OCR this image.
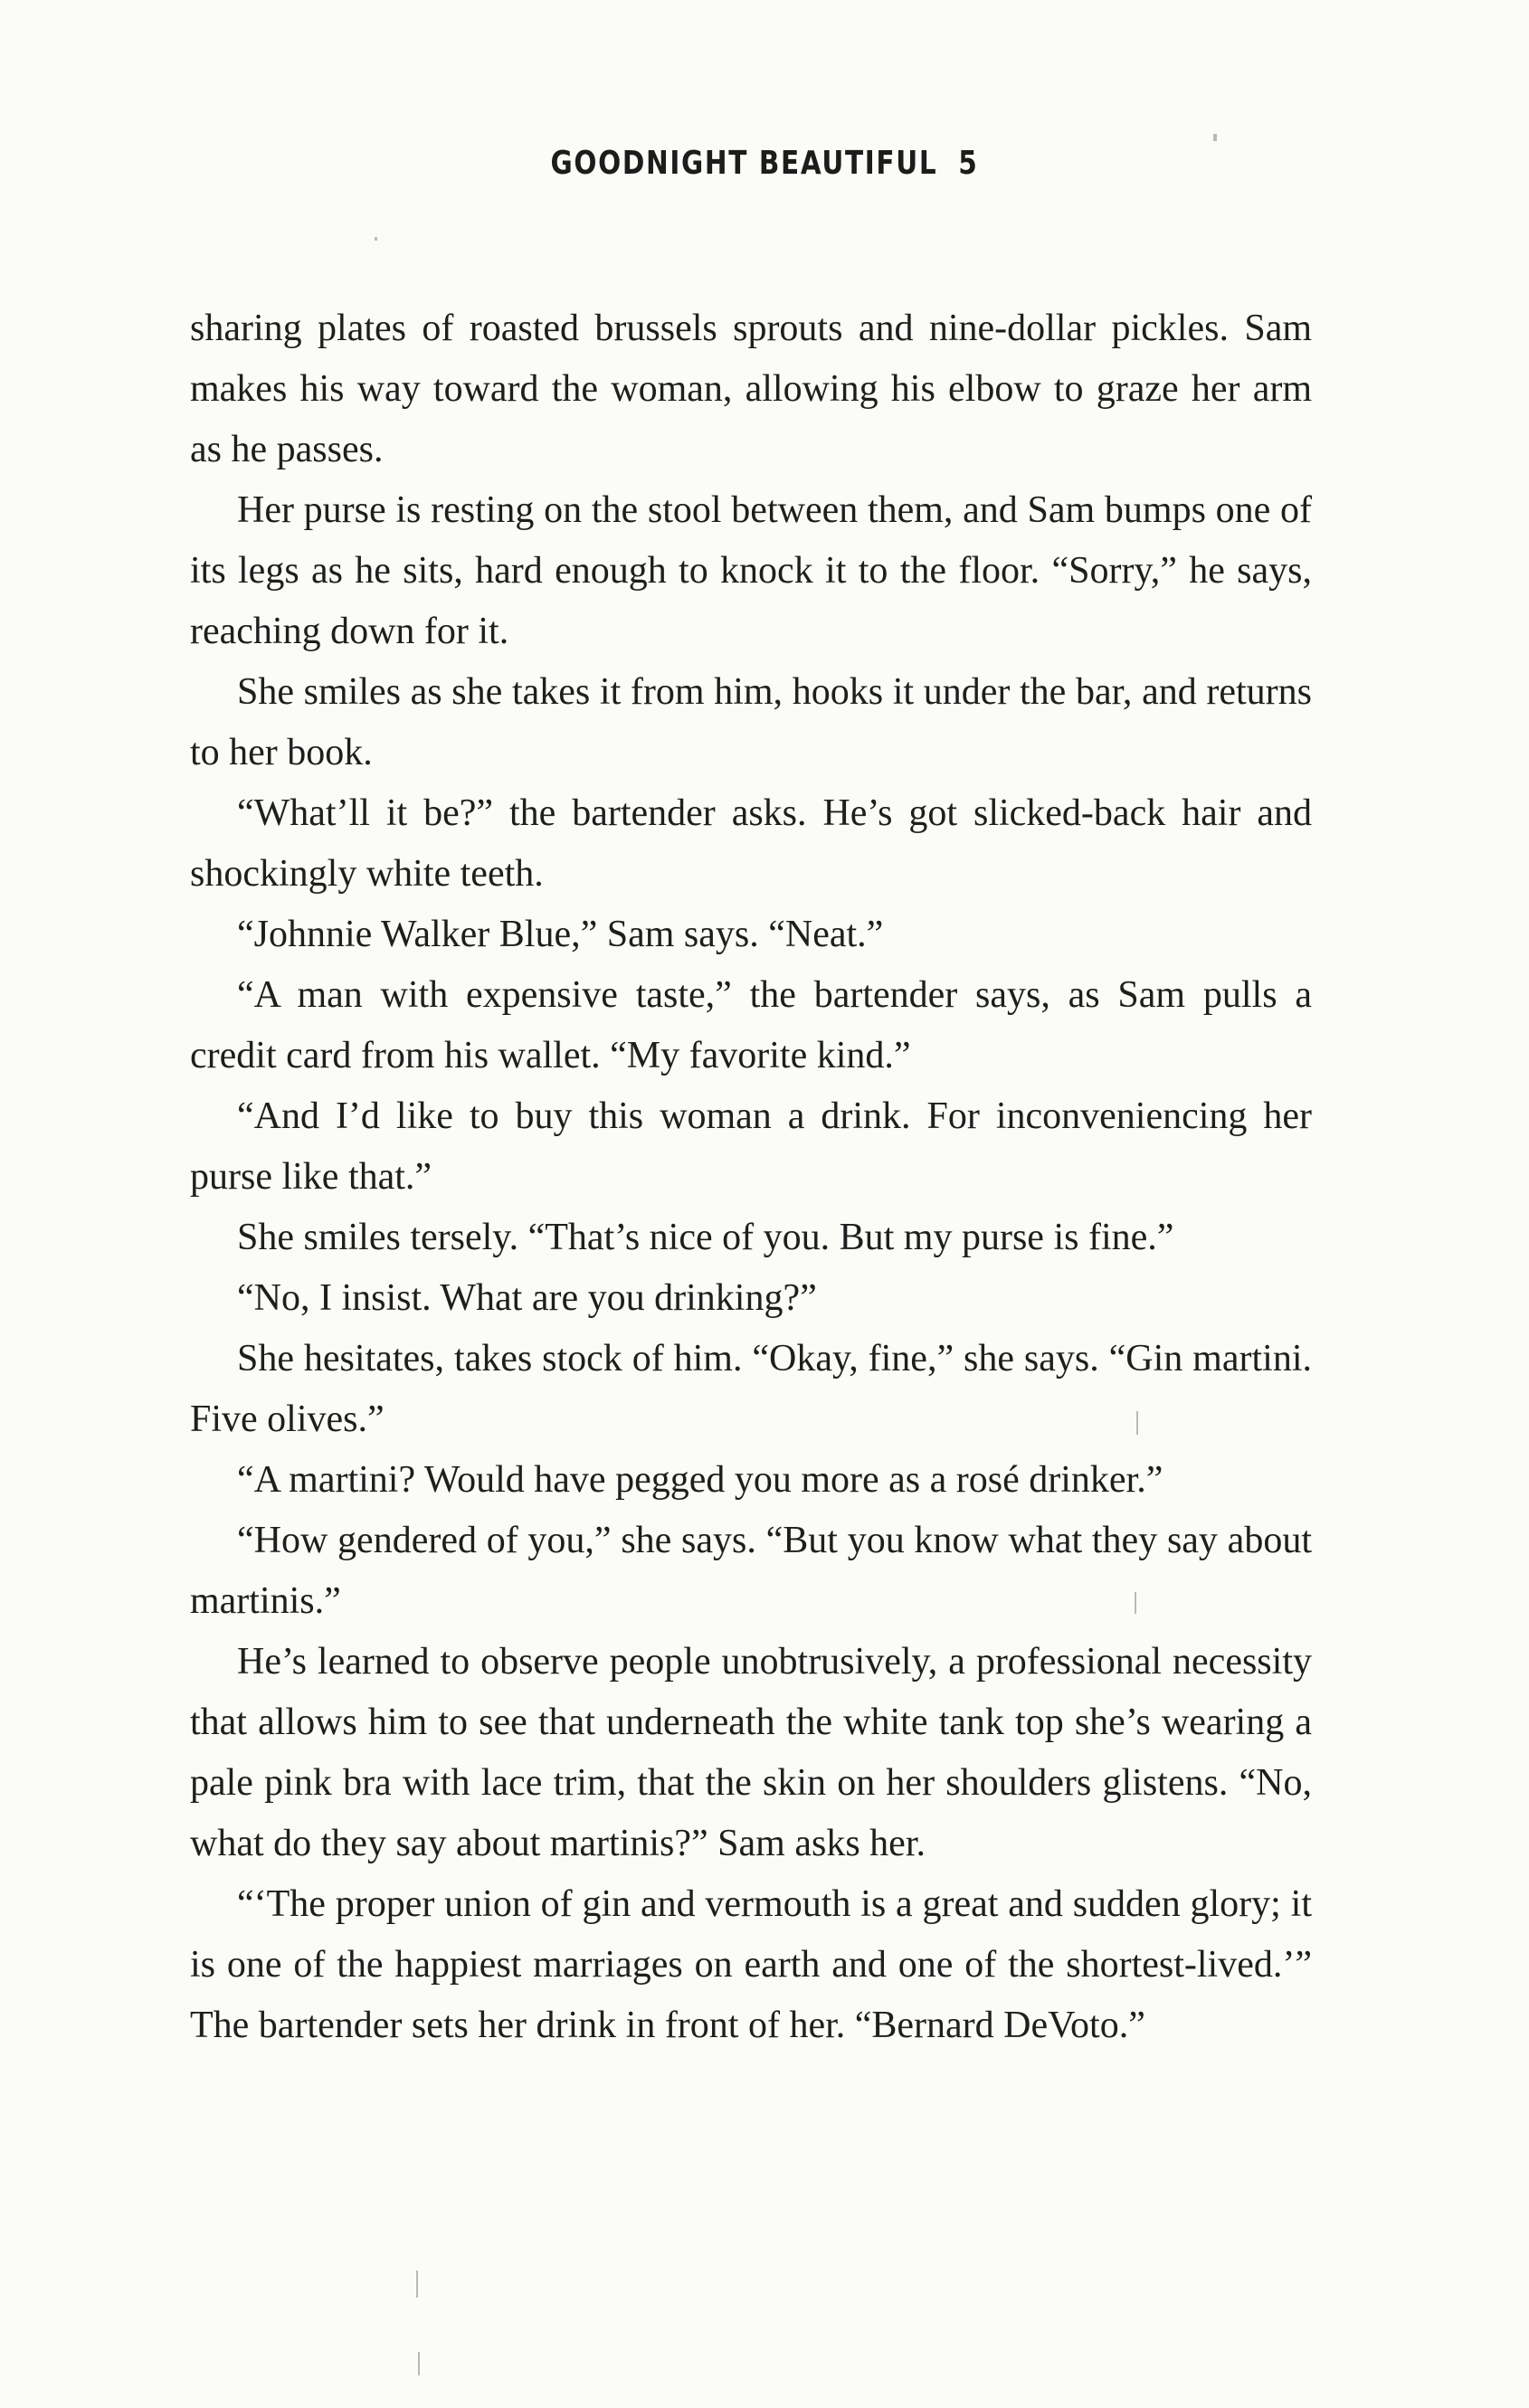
GOODNIGHT BEAUTIFUL 5

sharing plates of roasted brussels sprouts and nine-dollar pickles. Sam makes his way toward the woman, allowing his elbow to graze her arm as he passes.

Her purse is resting on the stool between them, and Sam bumps one of its legs as he sits, hard enough to knock it to the floor. “Sorry,” he says, reaching down for it.

She smiles as she takes it from him, hooks it under the bar, and returns to her book.

“What’ll it be?” the bartender asks. He’s got slicked-back hair and shockingly white teeth.

“Johnnie Walker Blue,” Sam says. “Neat.”

“A man with expensive taste,” the bartender says, as Sam pulls a credit card from his wallet. “My favorite kind.”

“And I’d like to buy this woman a drink. For inconveniencing her purse like that.”

She smiles tersely. “That’s nice of you. But my purse is fine.”

“No, I insist. What are you drinking?”

She hesitates, takes stock of him. “Okay, fine,” she says. “Gin martini. Five olives.”

“A martini? Would have pegged you more as a rosé drinker.”

“How gendered of you,” she says. “But you know what they say about martinis.”

He’s learned to observe people unobtrusively, a professional necessity that allows him to see that underneath the white tank top she’s wearing a pale pink bra with lace trim, that the skin on her shoulders glistens. “No, what do they say about martinis?” Sam asks her.

“‘The proper union of gin and vermouth is a great and sudden glory; it is one of the happiest marriages on earth and one of the shortest-lived.’” The bartender sets her drink in front of her. “Bernard DeVoto.”
